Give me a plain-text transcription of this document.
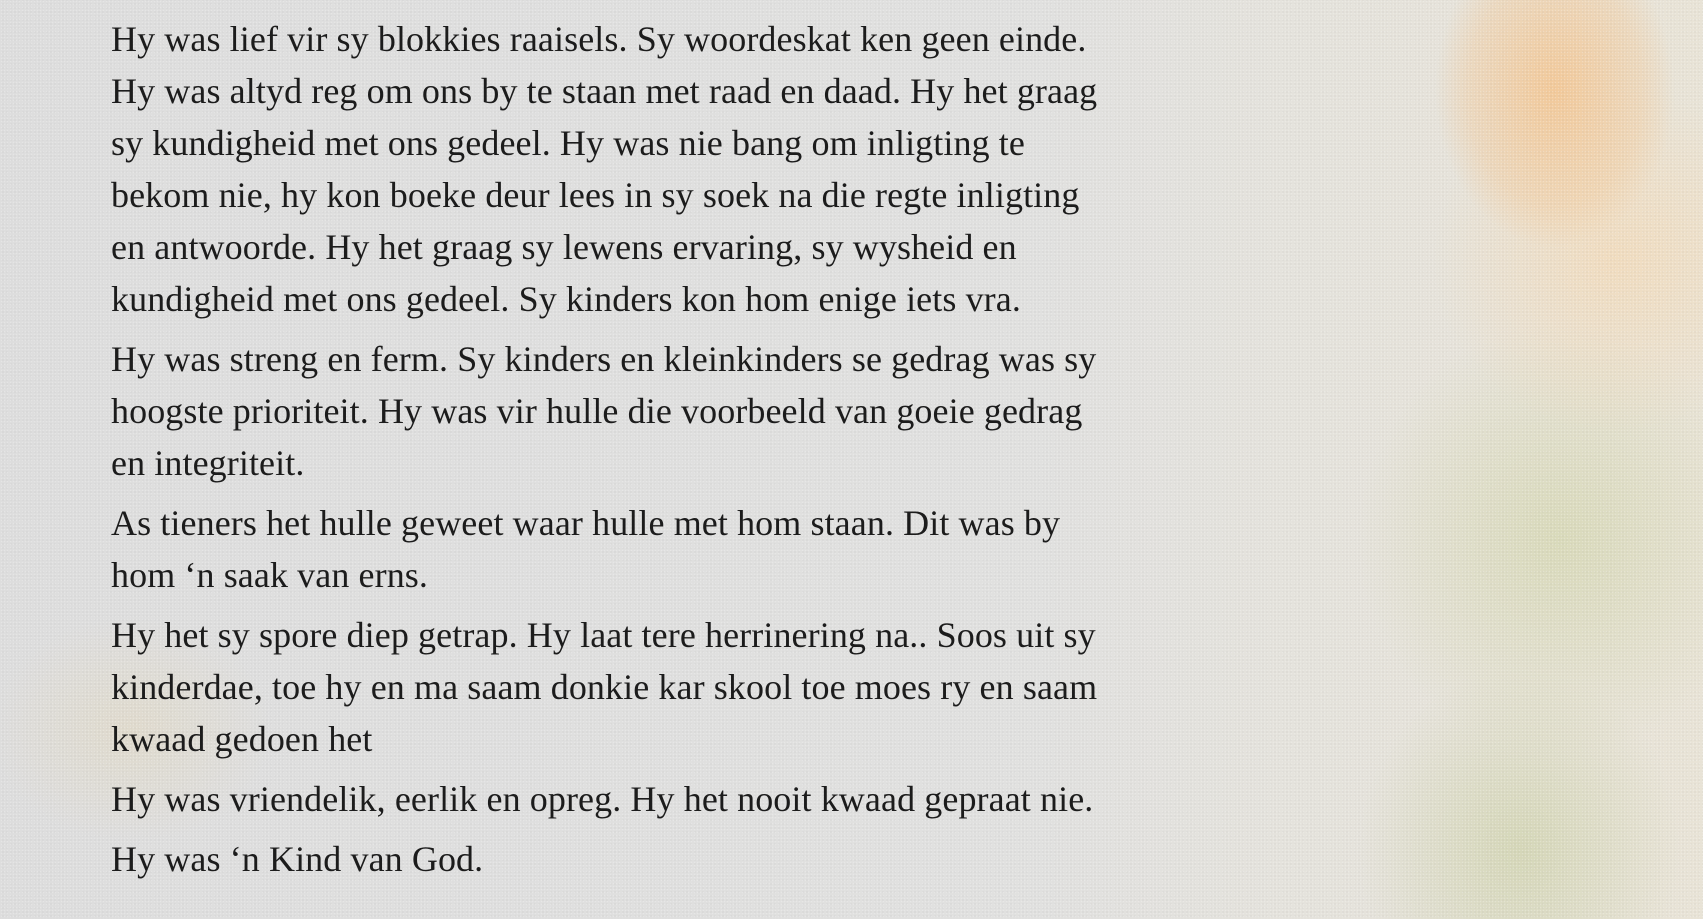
Hy was lief vir sy blokkies raaisels. Sy woordeskat ken geen einde.
Hy was altyd reg om ons by te staan met raad en daad. Hy het graag
sy kundigheid met ons gedeel. Hy was nie bang om inligting te
bekom nie, hy kon boeke deur lees in sy soek na die regte inligting
en antwoorde. Hy het graag sy lewens ervaring, sy wysheid en
kundigheid met ons gedeel. Sy kinders kon hom enige iets vra.
Hy was streng en ferm. Sy kinders en kleinkinders se gedrag was sy
hoogste prioriteit. Hy was vir hulle die voorbeeld van goeie gedrag
en integriteit.
As tieners het hulle geweet waar hulle met hom staan. Dit was by
hom ‘n saak van erns.
Hy het sy spore diep getrap. Hy laat tere herrinering na.. Soos uit sy
kinderdae, toe hy en ma saam donkie kar skool toe moes ry en saam
kwaad gedoen het
Hy was vriendelik, eerlik en opreg. Hy het nooit kwaad gepraat nie.
Hy was ‘n Kind van God.
